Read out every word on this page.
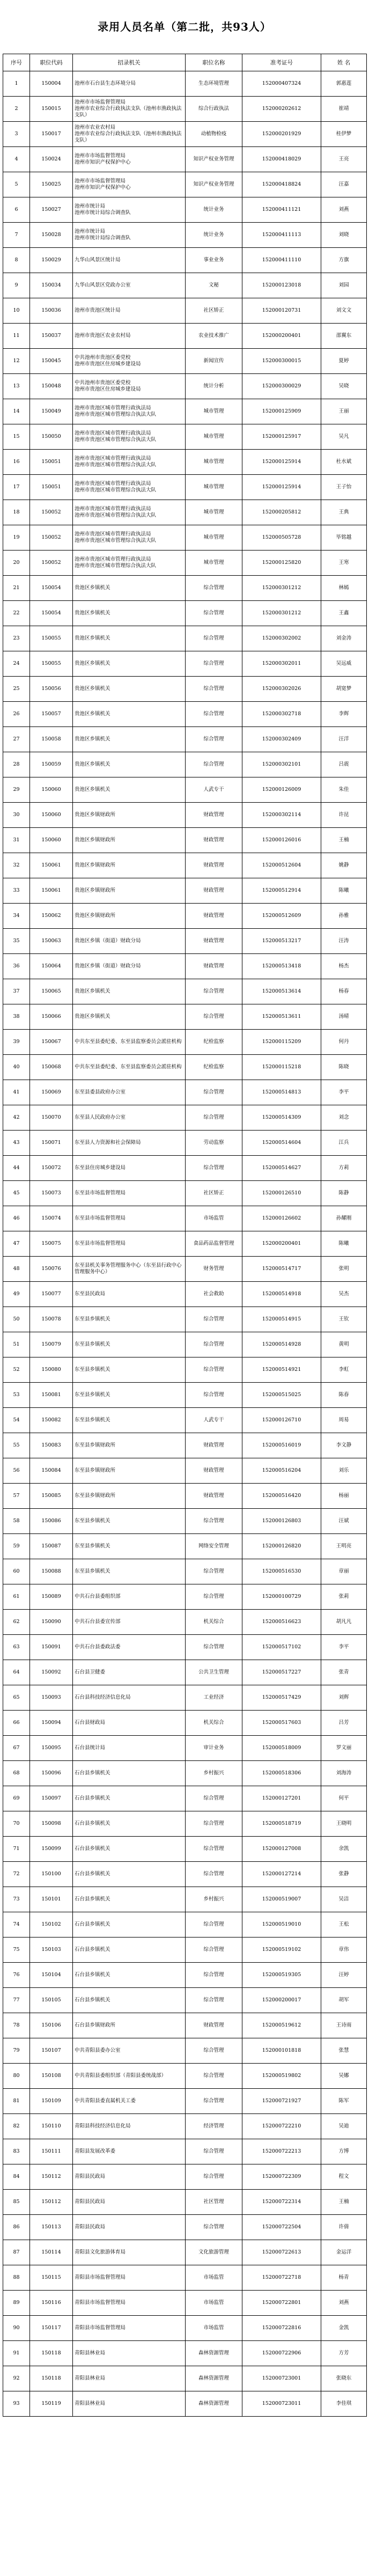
录用人员名单（第二批，共93人）
序号	职位代码	招录机关	职位名称	准考证号	姓 名
1	150004	池州市石台县生态环境分局	生态环境管理	152000407324	郭惠莲
2	150015	池州市市场监督管理局
池州市农业综合行政执法支队（池州市渔政执法支队）	综合行政执法	152000202612	崔靖
3	150017	池州市农业农村局
池州市农业综合行政执法支队（池州市渔政执法支队）	动植物检疫	152000201929	桂伊梦
4	150024	池州市市场监督管理局
池州市知识产权保护中心	知识产权业务管理	152000418029	王亮
5	150025	池州市市场监督管理局
池州市知识产权保护中心	知识产权业务管理	152000418824	汪嘉
6	150027	池州市统计局
池州市统计局综合调查队	统计业务	152000411121	刘燕
7	150028	池州市统计局
池州市统计局综合调查队	统计业务	152000411113	刘晓
8	150029	九华山风景区统计局	事业业务	152000411110	方旗
9	150034	九华山风景区党政办公室	文秘	152000123018	刘园
10	150036	池州市贵池区统计局	社区矫正	152000120731	刘文文
11	150037	池州市贵池区农业农村局	农业技术推广	152000200401	邵翼东
12	150045	中共池州市贵池区委党校
池州市贵池区住房城乡建设局	新闻宣传	152000300015	夏婷
13	150048	中共池州市贵池区委党校
池州市贵池区住房城乡建设局	统计分析	152000300029	吴晓
14	150049	池州市贵池区城市管理行政执法局
池州市贵池区城市管理综合执法大队	城市管理	152000125909	王丽
15	150050	池州市贵池区城市管理行政执法局
池州市贵池区城市管理综合执法大队	城市管理	152000125917	吴凡
16	150051	池州市贵池区城市管理行政执法局
池州市贵池区城市管理综合执法大队	城市管理	152000125914	杜水斌
17	150051	池州市贵池区城市管理行政执法局
池州市贵池区城市管理综合执法大队	城市管理	152000125914	王子怡
18	150052	池州市贵池区城市管理行政执法局
池州市贵池区城市管理综合执法大队	城市管理	152000205812	王典
19	150052	池州市贵池区城市管理行政执法局
池州市贵池区城市管理综合执法大队	城市管理	152000505728	毕铭越
20	150052	池州市贵池区城市管理行政执法局
池州市贵池区城市管理综合执法大队	城市管理	152000125820	王寒
21	150054	贵池区乡镇机关	综合管理	152000301212	林嫣
22	150054	贵池区乡镇机关	综合管理	152000301212	王鑫
23	150055	贵池区乡镇机关	综合管理	152000302002	刘金涛
24	150055	贵池区乡镇机关	综合管理	152000302011	吴远威
25	150056	贵池区乡镇机关	综合管理	152000302026	胡宽梦
26	150057	贵池区乡镇机关	综合管理	152000302718	李辉
27	150058	贵池区乡镇机关	综合管理	152000302409	汪洋
28	150059	贵池区乡镇机关	综合管理	152000302101	吕震
29	150060	贵池区乡镇机关	人武专干	152000126009	朱佳
30	150060	贵池区乡镇财政所	财政管理	152000302114	许昆
31	150060	贵池区乡镇财政所	财政管理	152000126016	王楠
32	150061	贵池区乡镇财政所	财政管理	152000512604	姚静
33	150061	贵池区乡镇财政所	财政管理	152000512914	陈曦
34	150062	贵池区乡镇财政所	财政管理	152000512609	孙雅
35	150063	贵池区乡镇（街道）财政分局	财政管理	152000513217	汪涛
36	150064	贵池区乡镇（街道）财政分局	财政管理	152000513418	杨杰
37	150065	贵池区乡镇机关	综合管理	152000513614	杨春
38	150066	贵池区乡镇机关	综合管理	152000513611	汤晴
39	150067	中共东至县委纪委、东至县监察委员会派驻机构	纪检监察	152000115209	何丹
40	150068	中共东至县委纪委、东至县监察委员会派驻机构	纪检监察	152000115218	陈晓
41	150069	东至县委县政府办公室	综合管理	152000514813	李平
42	150070	东至县人民政府办公室	综合管理	152000514309	刘念
43	150071	东至县人力资源和社会保障局	劳动监察	152000514604	江兵
44	150072	东至县住房城乡建设局	综合管理	152000514627	方莉
45	150073	东至县市场监督管理局	社区矫正	152000126510	陈静
46	150074	东至县市场监督管理局	市场监管	152000126602	孙耀刚
47	150075	东至县市场监督管理局	食品药品监督管理	152000200401	陈曦
48	150076	东至县机关事务管理服务中心（东至县行政中心管理服务中心）	财务管理	152000514717	张明
49	150077	东至县民政局	社会救助	152000514918	吴杰
50	150078	东至县乡镇机关	综合管理	152000514915	王钦
51	150079	东至县乡镇机关	综合管理	152000514928	黄明
52	150080	东至县乡镇机关	综合管理	152000514921	李虹
53	150081	东至县乡镇机关	综合管理	152000515025	陈春
54	150082	东至县乡镇机关	人武专干	152000126710	周易
55	150083	东至县乡镇财政所	财政管理	152000516019	李文静
56	150084	东至县乡镇财政所	财政管理	152000516204	刘乐
57	150085	东至县乡镇财政所	财政管理	152000516420	杨丽
58	150086	东至县乡镇机关	综合管理	152000126803	汪斌
59	150087	东至县乡镇机关	网络安全管理	152000126820	王明亮
60	150088	东至县乡镇机关	综合管理	152000516530	章丽
61	150089	中共石台县委组织部	综合管理	152000100729	张莉
62	150090	中共石台县委宣传部	机关综合	152000516623	胡凡凡
63	150091	中共石台县委政法委	综合管理	152000517102	李平
64	150092	石台县卫健委	公共卫生管理	152000517227	张青
65	150093	石台县科技经济信息化局	工业经济	152000517429	刘辉
66	150094	石台县财政局	机关综合	152000517603	吕芳
67	150095	石台县统计局	审计业务	152000518009	罗文丽
68	150096	石台县乡镇机关	乡村振兴	152000518306	刘海涛
69	150097	石台县乡镇机关	综合管理	152000127201	何平
70	150098	石台县乡镇机关	综合管理	152000518719	王晓明
71	150099	石台县乡镇机关	综合管理	152000127008	余凯
72	150100	石台县乡镇机关	综合管理	152000127214	张静
73	150101	石台县乡镇机关	乡村振兴	152000519007	吴洁
74	150102	石台县乡镇机关	综合管理	152000519010	王松
75	150103	石台县乡镇机关	综合管理	152000519102	章伟
76	150104	石台县乡镇机关	综合管理	152000519305	汪婷
77	150105	石台县乡镇机关	综合管理	152000200017	胡军
78	150106	石台县乡镇财政所	财政管理	152000519612	王诗雨
79	150107	中共青阳县委办公室	综合管理	152000101818	张慧
80	150108	中共青阳县委组织部（青阳县委统战部）	综合管理	152000519802	吴娜
81	150109	中共青阳县委直属机关工委	综合管理	152000721927	陈军
82	150110	青阳县科技经济信息化局	经济管理	152000722210	吴迪
83	150111	青阳县发展改革委	综合管理	152000722213	方博
84	150112	青阳县民政局	综合管理	152000722309	程文
85	150112	青阳县民政局	社区管理	152000722314	王楠
86	150113	青阳县民政局	综合管理	152000722504	许倩
87	150114	青阳县文化旅游体育局	文化旅游管理	152000722613	金运洋
88	150115	青阳县市场监督管理局	市场监管	152000722718	杨青
89	150116	青阳县市场监督管理局	市场监管	152000722801	刘燕
90	150117	青阳县市场监督管理局	市场监管	152000722816	金凯
91	150118	青阳县林业局	森林资源管理	152000722906	方芳
92	150118	青阳县林业局	森林资源管理	152000723001	张晓东
93	150119	青阳县林业局	森林资源管理	152000723011	李佳琪
